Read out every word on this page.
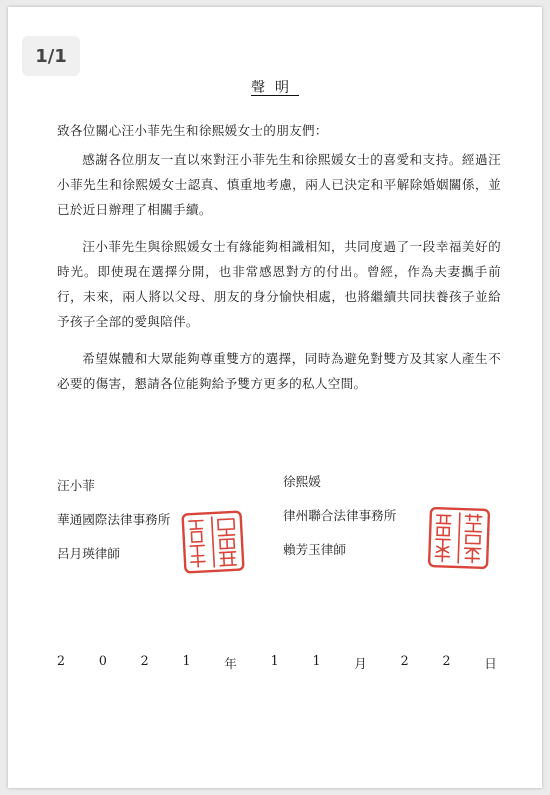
1/1
聲明

致各位關心汪小菲先生和徐熙媛女士的朋友們：

感謝各位朋友一直以來對汪小菲先生和徐熙媛女士的喜愛和支持。經過汪小菲先生和徐熙媛女士認真、慎重地考慮，兩人已決定和平解除婚姻關係，並已於近日辦理了相關手續。

汪小菲先生與徐熙媛女士有緣能夠相識相知，共同度過了一段幸福美好的時光。即使現在選擇分開，也非常感恩對方的付出。曾經，作為夫妻攜手前行，未來，兩人將以父母、朋友的身分愉快相處，也將繼續共同扶養孩子並給予孩子全部的愛與陪伴。

希望媒體和大眾能夠尊重雙方的選擇，同時為避免對雙方及其家人產生不必要的傷害，懇請各位能夠給予雙方更多的私人空間。

汪小菲
華通國際法律事務所
呂月瑛律師
徐熙媛
律州聯合法律事務所
賴芳玉律師
2	0	2	1	年	1	1	月	2	2	日
